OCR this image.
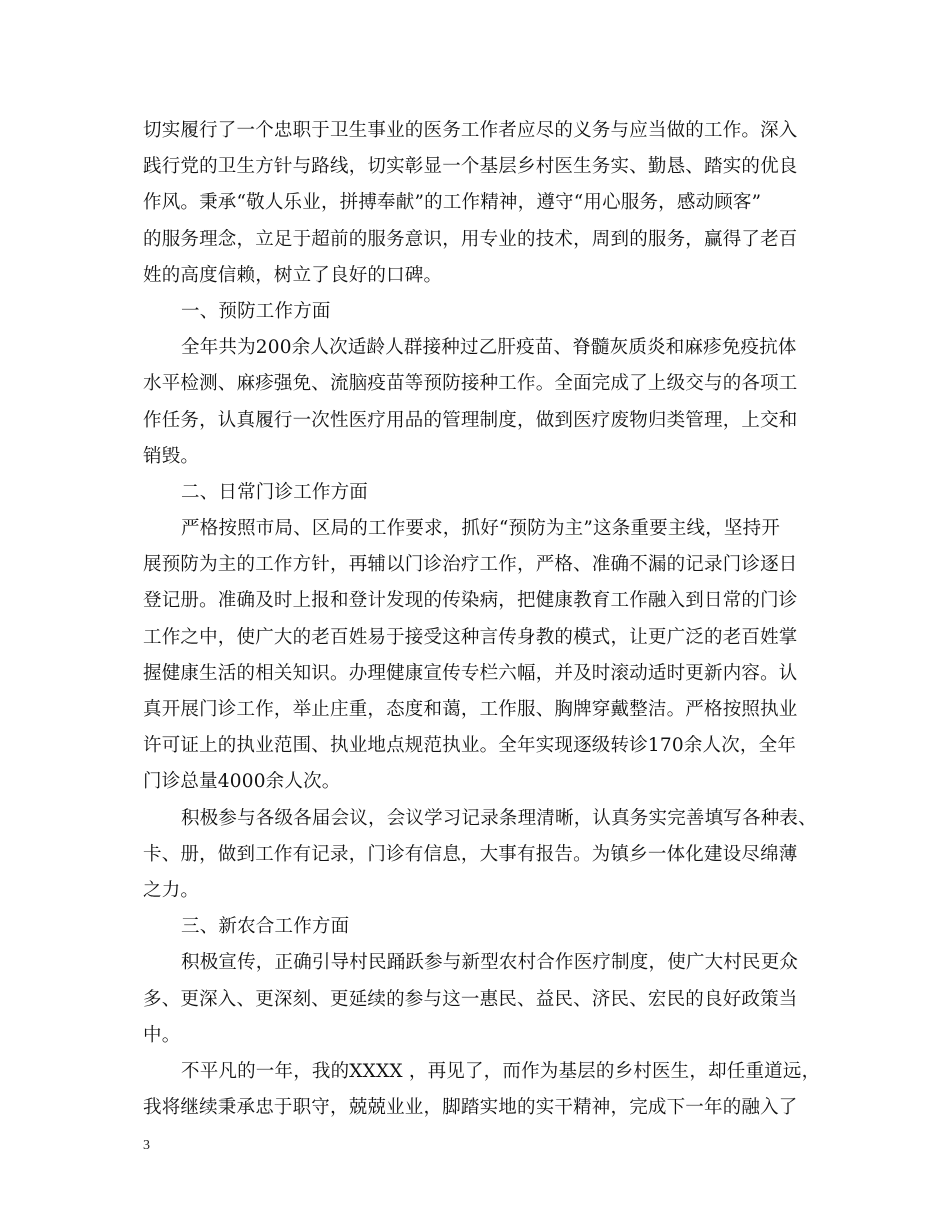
切实履行了一个忠职于卫生事业的医务工作者应尽的义务与应当做的工作。深入
践行党的卫生方针与路线，切实彰显一个基层乡村医生务实、勤恳、踏实的优良
作风。秉承“敬人乐业，拼搏奉献”的工作精神，遵守“用心服务，感动顾客”
的服务理念，立足于超前的服务意识，用专业的技术，周到的服务，赢得了老百
姓的高度信赖，树立了良好的口碑。
一、预防工作方面
全年共为200余人次适龄人群接种过乙肝疫苗、脊髓灰质炎和麻疹免疫抗体
水平检测、麻疹强免、流脑疫苗等预防接种工作。全面完成了上级交与的各项工
作任务，认真履行一次性医疗用品的管理制度，做到医疗废物归类管理，上交和
销毁。
二、日常门诊工作方面
严格按照市局、区局的工作要求，抓好“预防为主”这条重要主线，坚持开
展预防为主的工作方针，再辅以门诊治疗工作，严格、准确不漏的记录门诊逐日
登记册。准确及时上报和登计发现的传染病，把健康教育工作融入到日常的门诊
工作之中，使广大的老百姓易于接受这种言传身教的模式，让更广泛的老百姓掌
握健康生活的相关知识。办理健康宣传专栏六幅，并及时滚动适时更新内容。认
真开展门诊工作，举止庄重，态度和蔼，工作服、胸牌穿戴整洁。严格按照执业
许可证上的执业范围、执业地点规范执业。全年实现逐级转诊170余人次，全年
门诊总量4000余人次。
积极参与各级各届会议，会议学习记录条理清晰，认真务实完善填写各种表、
卡、册，做到工作有记录，门诊有信息，大事有报告。为镇乡一体化建设尽绵薄
之力。
三、新农合工作方面
积极宣传，正确引导村民踊跃参与新型农村合作医疗制度，使广大村民更众
多、更深入、更深刻、更延续的参与这一惠民、益民、济民、宏民的良好政策当
中。
不平凡的一年，我的XXXX ，再见了，而作为基层的乡村医生，却任重道远，
我将继续秉承忠于职守，兢兢业业，脚踏实地的实干精神，完成下一年的融入了
3
